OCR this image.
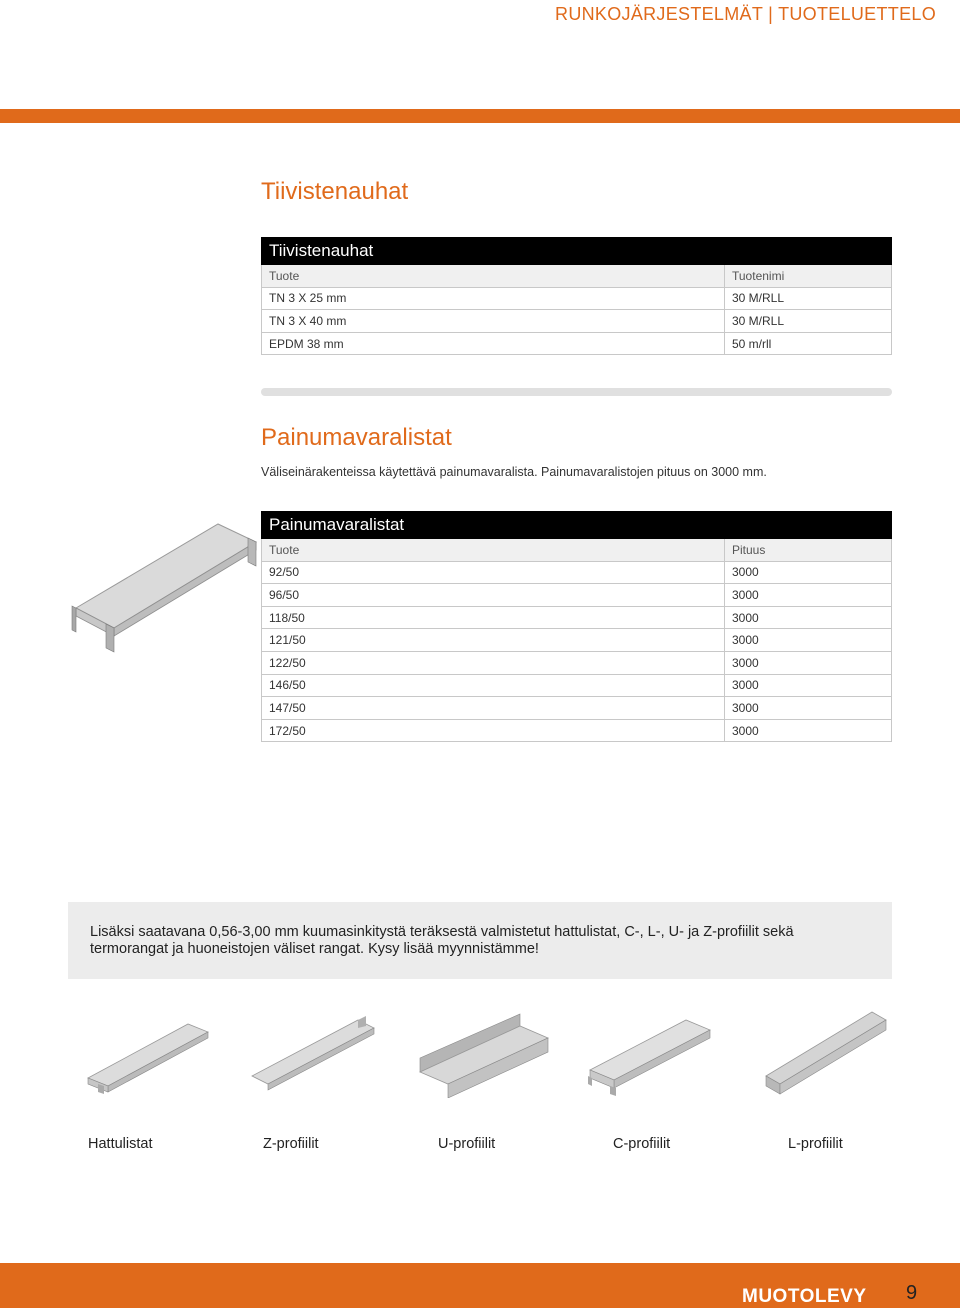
RUNKOJÄRJESTELMÄT | TUOTELUETTELO
Tiivistenauhat
Tiivistenauhat	
Tuote	Tuotenimi
TN 3 X 25 mm	30 M/RLL
TN 3 X 40 mm	30 M/RLL
EPDM 38 mm	50 m/rll
Painumavaralistat
Väliseinärakenteissa käytettävä painumavaralista. Painumavaralistojen pituus on 3000 mm.
Painumavaralistat	
Tuote	Pituus
92/50	3000
96/50	3000
118/50	3000
121/50	3000
122/50	3000
146/50	3000
147/50	3000
172/50	3000
Lisäksi saatavana 0,56-3,00 mm kuumasinkitystä teräksestä valmistetut hattulistat, C-, L-, U- ja Z-profiilit sekä
termorangat ja huoneistojen väliset rangat. Kysy lisää myynnistämme!
Hattulistat	Z-profiilit	U-profiilit	C-profiilit	L-profiilit
MUOTOLEVY 9
